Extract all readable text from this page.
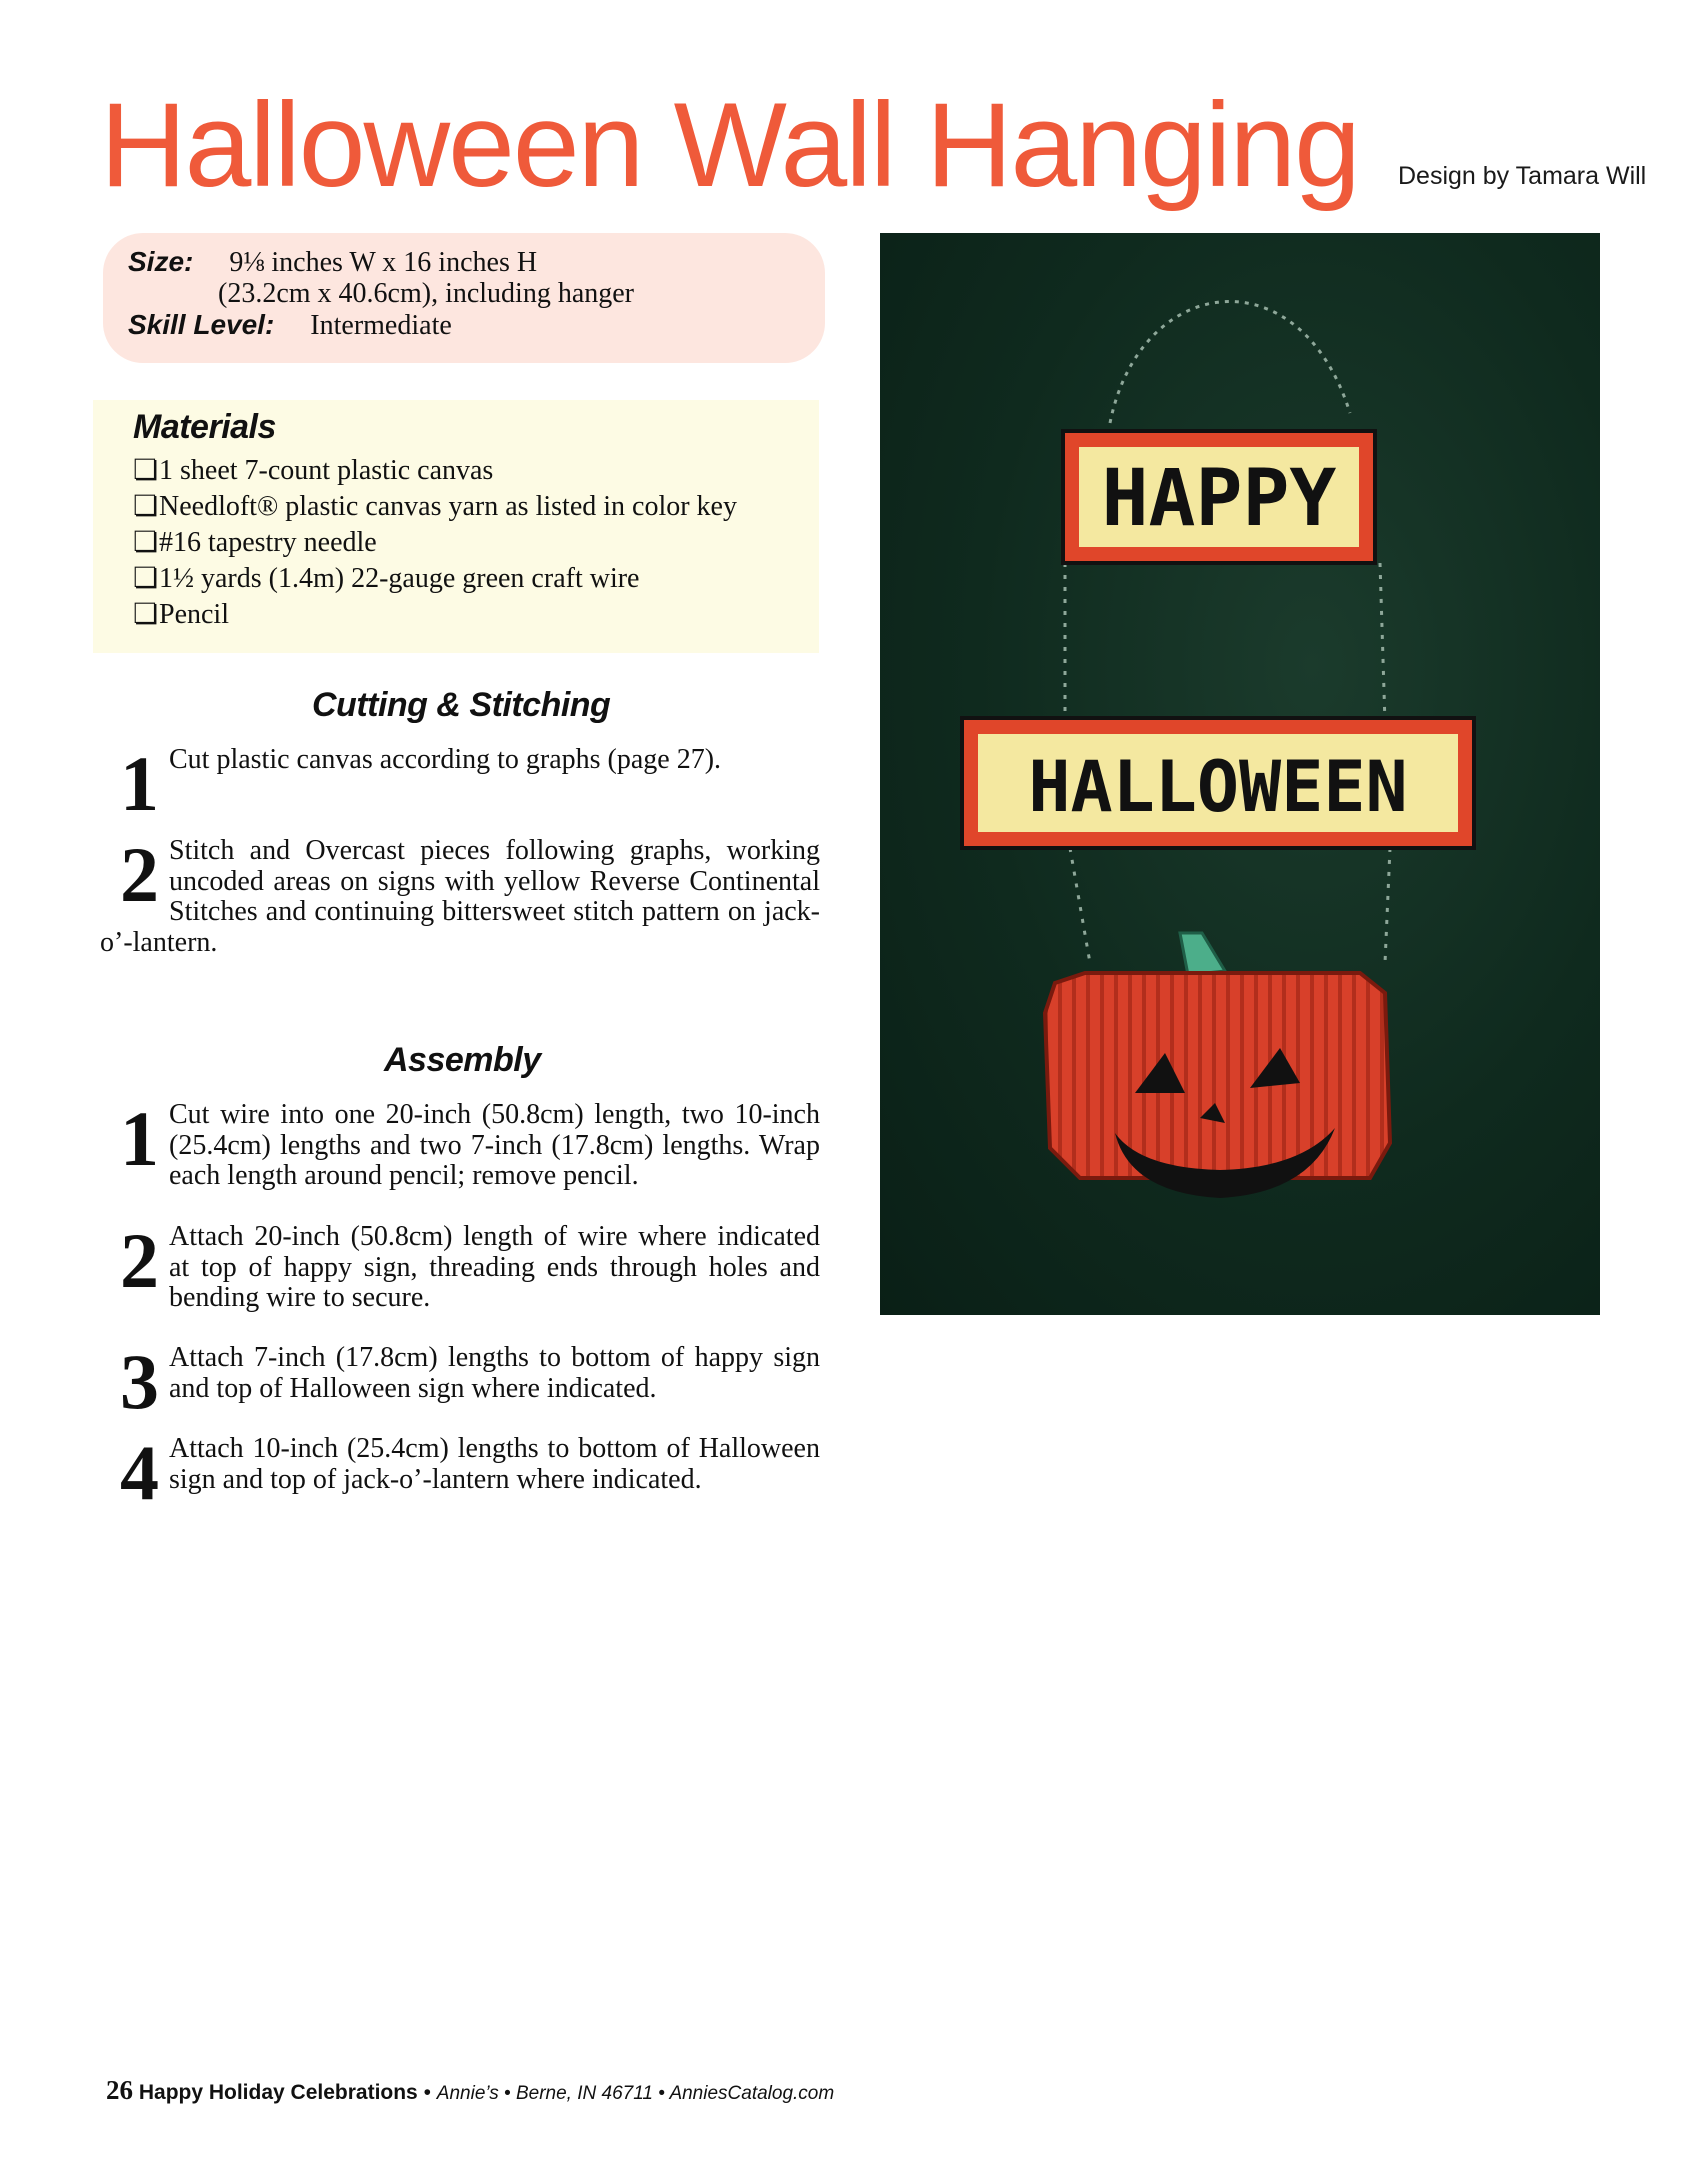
Halloween Wall Hanging Design by Tamara Will
Size: 9⅛ inches W x 16 inches H
(23.2cm x 40.6cm), including hanger
Skill Level: Intermediate
Materials
❏1 sheet 7-count plastic canvas
❏Needloft® plastic canvas yarn as listed in color key
❏#16 tapestry needle
❏1½ yards (1.4m) 22-gauge green craft wire
❏Pencil
Cutting & Stitching
1 Cut plastic canvas according to graphs (page 27).
2 Stitch and Overcast pieces following graphs, working uncoded areas on signs with yellow Reverse Continental Stitches and continuing bittersweet stitch pattern on jack-o’-lantern.
Assembly
1 Cut wire into one 20-inch (50.8cm) length, two 10-inch (25.4cm) lengths and two 7-inch (17.8cm) lengths. Wrap each length around pencil; remove pencil.
2 Attach 20-inch (50.8cm) length of wire where indicated at top of happy sign, threading ends through holes and bending wire to secure.
3 Attach 7-inch (17.8cm) lengths to bottom of happy sign and top of Halloween sign where indicated.
4 Attach 10-inch (25.4cm) lengths to bottom of Halloween sign and top of jack-o’-lantern where indicated.
HAPPY
HALLOWEEN
26 Happy Holiday Celebrations • Annie’s • Berne, IN 46711 • AnniesCatalog.com
